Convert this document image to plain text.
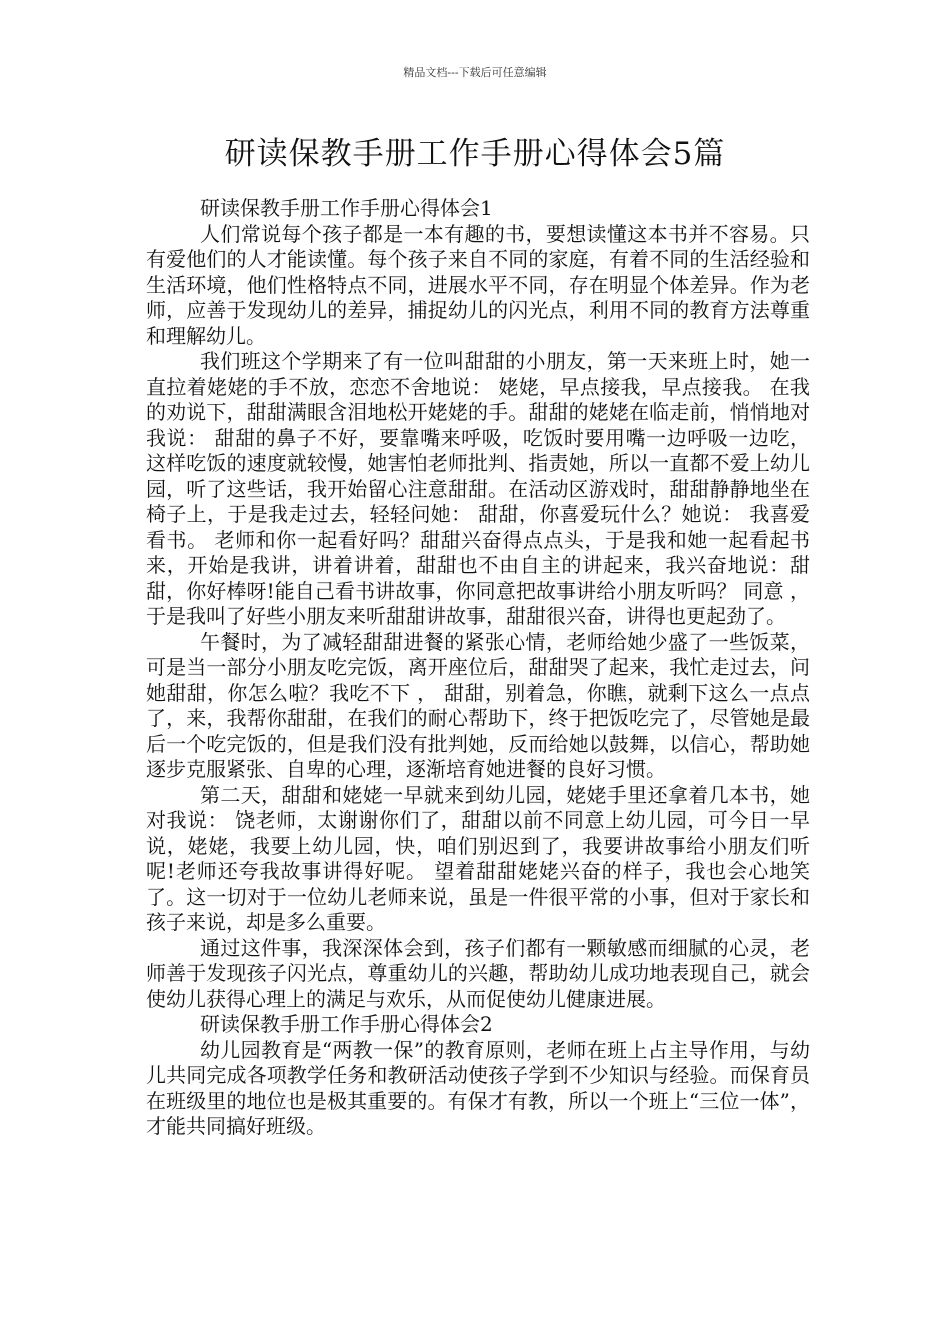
精品文档---下载后可任意编辑
研读保教手册工作手册心得体会5篇

研读保教手册工作手册心得体会1

人们常说每个孩子都是一本有趣的书，要想读懂这本书并不容易。只有爱他们的人才能读懂。每个孩子来自不同的家庭，有着不同的生活经验和生活环境，他们性格特点不同，进展水平不同，存在明显个体差异。作为老师，应善于发现幼儿的差异，捕捉幼儿的闪光点，利用不同的教育方法尊重和理解幼儿。

我们班这个学期来了有一位叫甜甜的小朋友，第一天来班上时，她一直拉着姥姥的手不放，恋恋不舍地说： 姥姥，早点接我，早点接我。 在我的劝说下，甜甜满眼含泪地松开姥姥的手。甜甜的姥姥在临走前，悄悄地对我说： 甜甜的鼻子不好，要靠嘴来呼吸，吃饭时要用嘴一边呼吸一边吃，这样吃饭的速度就较慢，她害怕老师批判、指责她，所以一直都不爱上幼儿园，听了这些话，我开始留心注意甜甜。在活动区游戏时，甜甜静静地坐在椅子上，于是我走过去，轻轻问她： 甜甜，你喜爱玩什么？她说： 我喜爱看书。 老师和你一起看好吗？甜甜兴奋得点点头，于是我和她一起看起书来，开始是我讲，讲着讲着，甜甜也不由自主的讲起来，我兴奋地说：甜甜，你好棒呀!能自己看书讲故事，你同意把故事讲给小朋友听吗？ 同意 ，于是我叫了好些小朋友来听甜甜讲故事，甜甜很兴奋，讲得也更起劲了。

午餐时，为了减轻甜甜进餐的紧张心情，老师给她少盛了一些饭菜，可是当一部分小朋友吃完饭，离开座位后，甜甜哭了起来，我忙走过去，问她甜甜，你怎么啦？我吃不下 ， 甜甜，别着急，你瞧，就剩下这么一点点了，来，我帮你甜甜，在我们的耐心帮助下，终于把饭吃完了，尽管她是最后一个吃完饭的，但是我们没有批判她，反而给她以鼓舞，以信心，帮助她逐步克服紧张、自卑的心理，逐渐培育她进餐的良好习惯。

第二天，甜甜和姥姥一早就来到幼儿园，姥姥手里还拿着几本书，她对我说： 饶老师，太谢谢你们了，甜甜以前不同意上幼儿园，可今日一早说，姥姥，我要上幼儿园，快，咱们别迟到了，我要讲故事给小朋友们听呢!老师还夸我故事讲得好呢。 望着甜甜姥姥兴奋的样子，我也会心地笑了。这一切对于一位幼儿老师来说，虽是一件很平常的小事，但对于家长和孩子来说，却是多么重要。

通过这件事，我深深体会到，孩子们都有一颗敏感而细腻的心灵，老师善于发现孩子闪光点，尊重幼儿的兴趣，帮助幼儿成功地表现自己，就会使幼儿获得心理上的满足与欢乐，从而促使幼儿健康进展。

研读保教手册工作手册心得体会2

幼儿园教育是“两教一保”的教育原则，老师在班上占主导作用，与幼儿共同完成各项教学任务和教研活动使孩子学到不少知识与经验。而保育员在班级里的地位也是极其重要的。有保才有教，所以一个班上“三位一体”，才能共同搞好班级。
